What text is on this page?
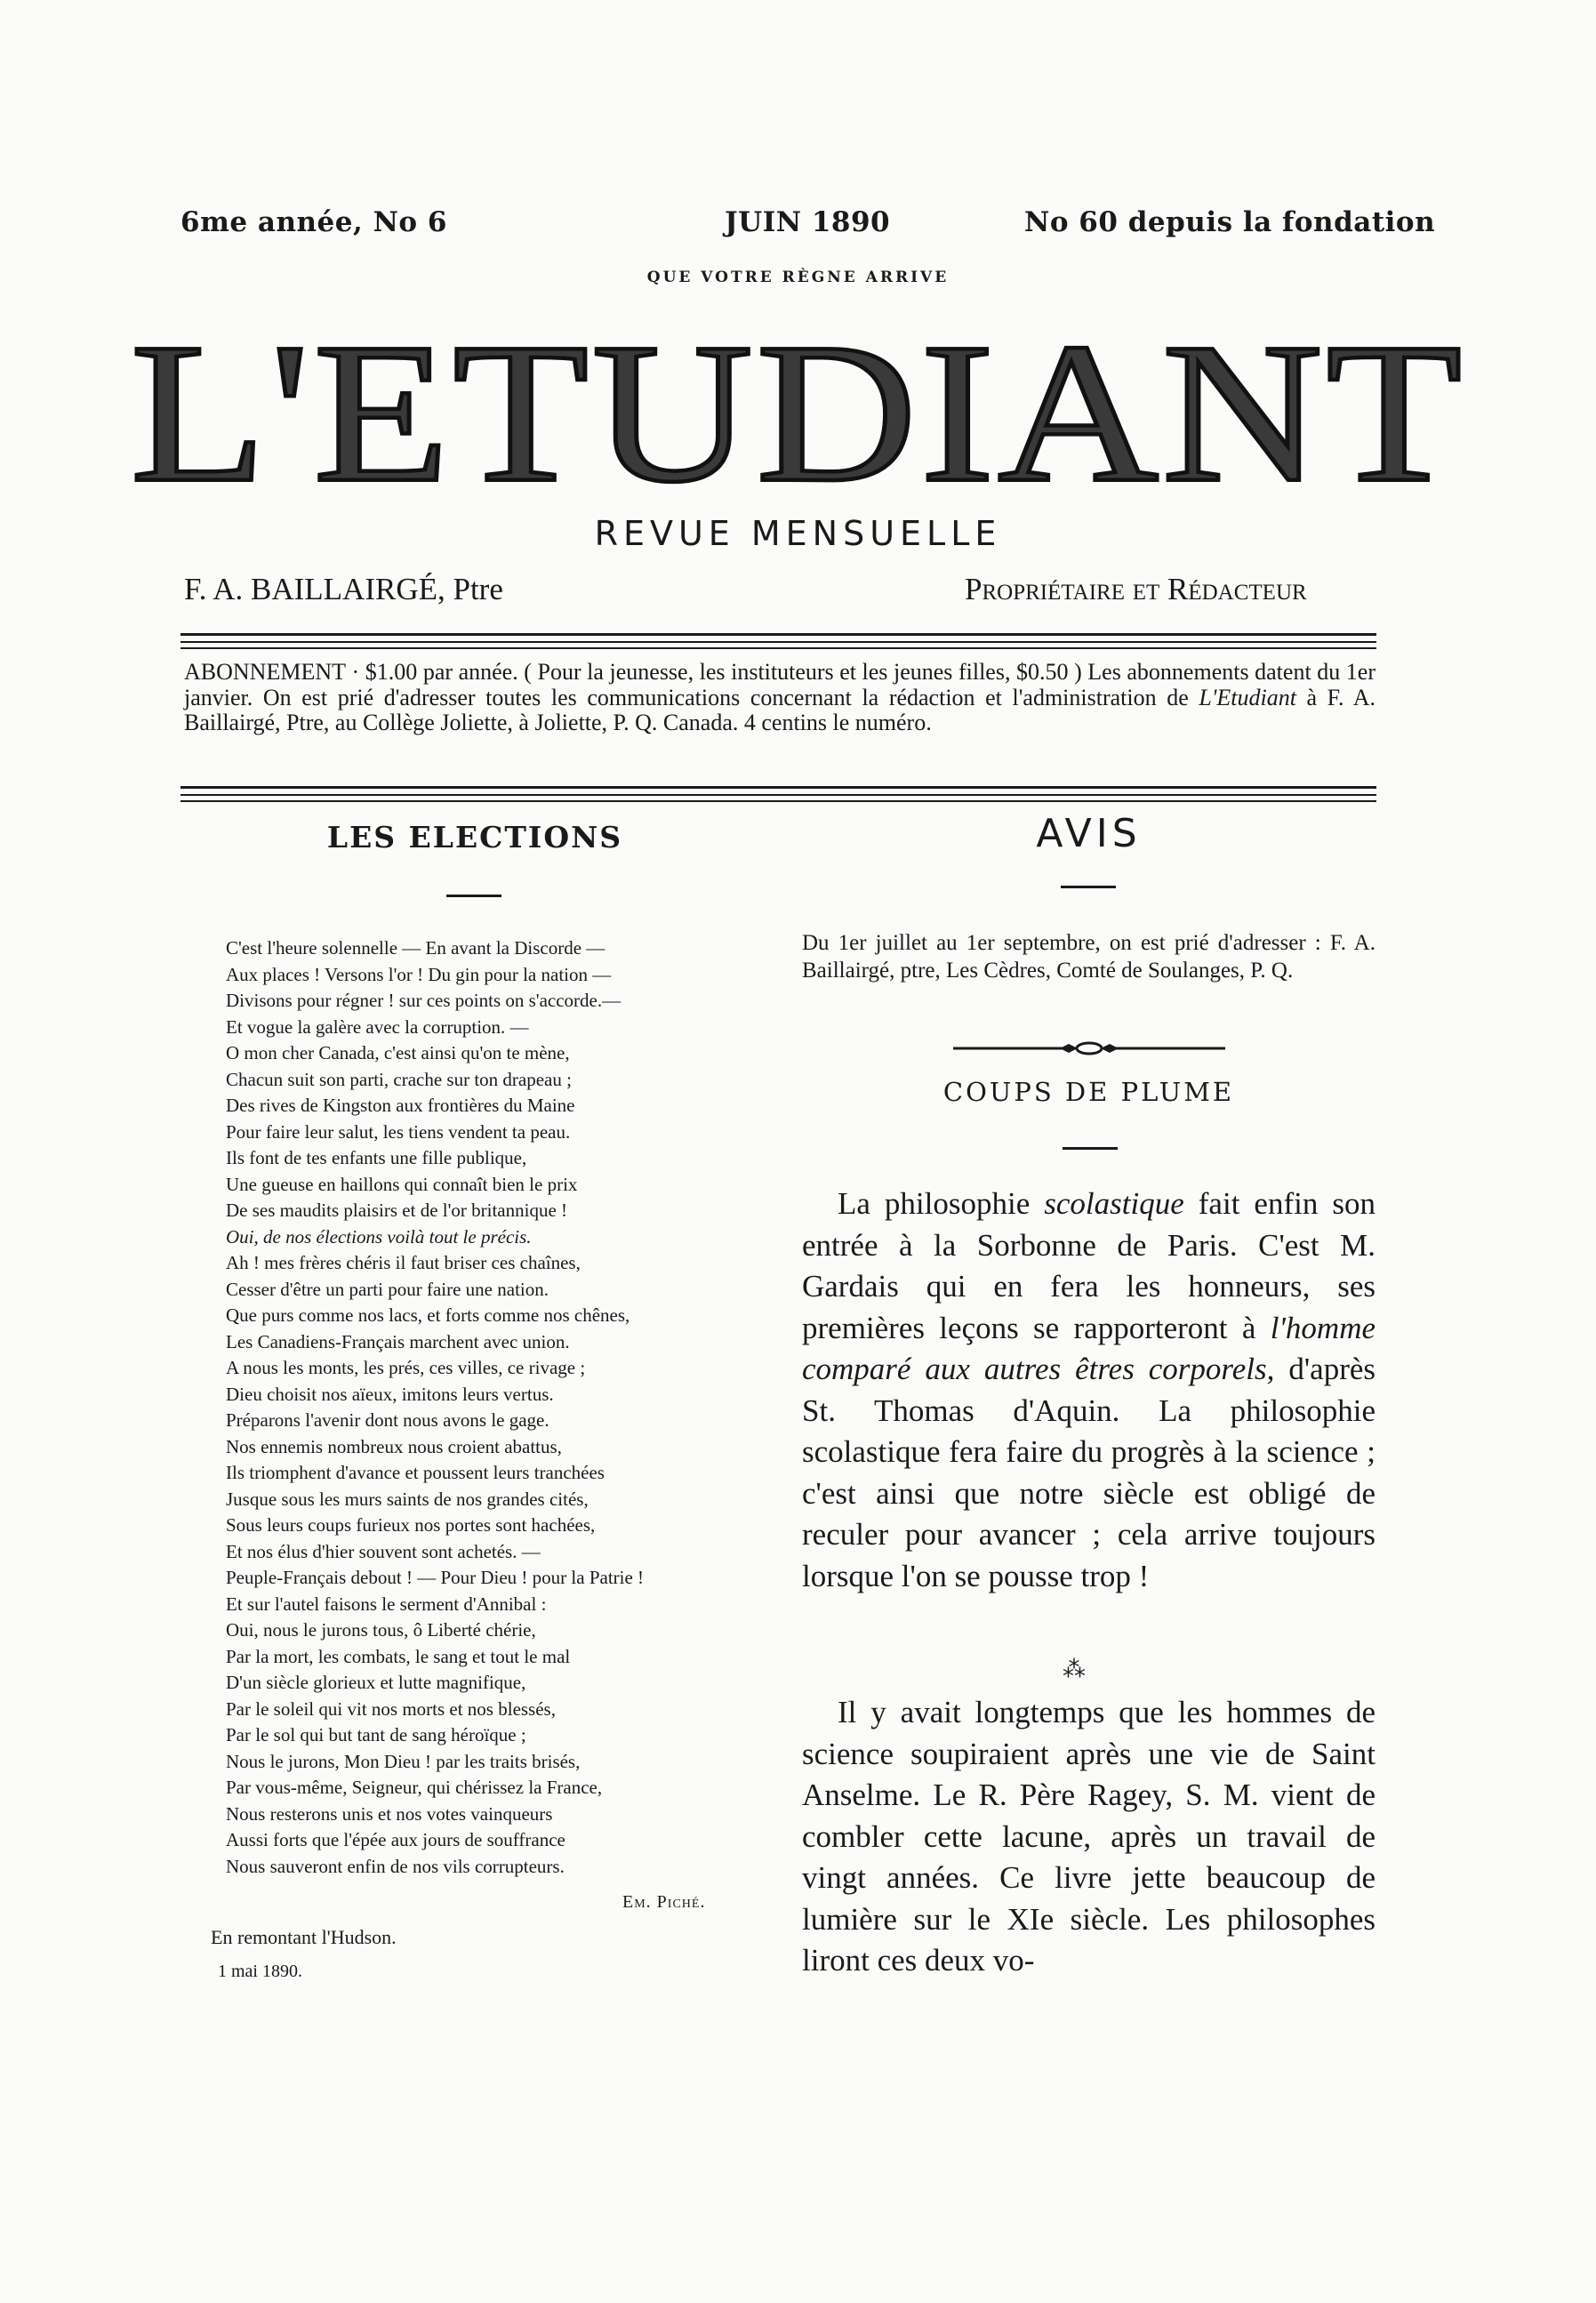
6me année, No 6	JUIN 1890	No 60 depuis la fondation
QUE VOTRE RÈGNE ARRIVE
L'ETUDIANT
REVUE MENSUELLE
F. A. BAILLAIRGÉ, Ptre	Propriétaire et Rédacteur
ABONNEMENT · $1.00 par année. ( Pour la jeunesse, les instituteurs et les jeunes filles, $0.50 ) Les abonnements datent du 1er janvier. On est prié d'adresser toutes les communications concernant la rédaction et l'administration de L'Etudiant à F. A. Baillairgé, Ptre, au Collège Joliette, à Joliette, P. Q. Canada. 4 centins le numéro.
LES ELECTIONS
C'est l'heure solennelle — En avant la Discorde —
Aux places ! Versons l'or ! Du gin pour la nation —
Divisons pour régner ! sur ces points on s'accorde.—
Et vogue la galère avec la corruption. —
O mon cher Canada, c'est ainsi qu'on te mène,
Chacun suit son parti, crache sur ton drapeau ;
Des rives de Kingston aux frontières du Maine
Pour faire leur salut, les tiens vendent ta peau.
Ils font de tes enfants une fille publique,
Une gueuse en haillons qui connaît bien le prix
De ses maudits plaisirs et de l'or britannique !
Oui, de nos élections voilà tout le précis.
Ah ! mes frères chéris il faut briser ces chaînes,
Cesser d'être un parti pour faire une nation.
Que purs comme nos lacs, et forts comme nos chênes,
Les Canadiens-Français marchent avec union.
A nous les monts, les prés, ces villes, ce rivage ;
Dieu choisit nos aïeux, imitons leurs vertus.
Préparons l'avenir dont nous avons le gage.
Nos ennemis nombreux nous croient abattus,
Ils triomphent d'avance et poussent leurs tranchées
Jusque sous les murs saints de nos grandes cités,
Sous leurs coups furieux nos portes sont hachées,
Et nos élus d'hier souvent sont achetés. —
Peuple-Français debout ! — Pour Dieu ! pour la Patrie !
Et sur l'autel faisons le serment d'Annibal :
Oui, nous le jurons tous, ô Liberté chérie,
Par la mort, les combats, le sang et tout le mal
D'un siècle glorieux et lutte magnifique,
Par le soleil qui vit nos morts et nos blessés,
Par le sol qui but tant de sang héroïque ;
Nous le jurons, Mon Dieu ! par les traits brisés,
Par vous-même, Seigneur, qui chérissez la France,
Nous resterons unis et nos votes vainqueurs
Aussi forts que l'épée aux jours de souffrance
Nous sauveront enfin de nos vils corrupteurs.
Em. Piché.
En remontant l'Hudson.
1 mai 1890.
AVIS
Du 1er juillet au 1er septembre, on est prié d'adresser : F. A. Baillairgé, ptre, Les Cèdres, Comté de Soulanges, P. Q.
COUPS DE PLUME

La philosophie scolastique fait enfin son entrée à la Sorbonne de Paris. C'est M. Gardais qui en fera les honneurs, ses premières leçons se rapporteront à l'homme comparé aux autres êtres corporels, d'après St. Thomas d'Aquin. La philosophie scolastique fera faire du progrès à la science ; c'est ainsi que notre siècle est obligé de reculer pour avancer ; cela arrive toujours lorsque l'on se pousse trop !

⁂

Il y avait longtemps que les hommes de science soupiraient après une vie de Saint Anselme. Le R. Père Ragey, S. M. vient de combler cette lacune, après un travail de vingt années. Ce livre jette beaucoup de lumière sur le XIe siècle. Les philosophes liront ces deux vo-
